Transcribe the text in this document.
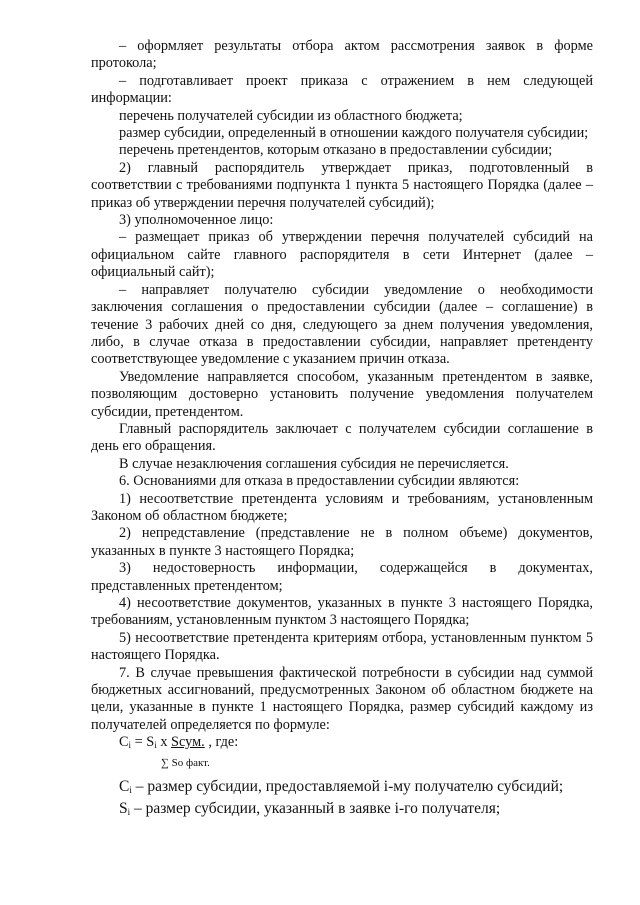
– оформляет результаты отбора актом рассмотрения заявок в форме протокола;

– подготавливает проект приказа с отражением в нем следующей информации:

перечень получателей субсидии из областного бюджета;

размер субсидии, определенный в отношении каждого получателя субсидии;

перечень претендентов, которым отказано в предоставлении субсидии;

2) главный распорядитель утверждает приказ, подготовленный в соответствии с требованиями подпункта 1 пункта 5 настоящего Порядка (далее – приказ об утверждении перечня получателей субсидий);

3) уполномоченное лицо:

– размещает приказ об утверждении перечня получателей субсидий на официальном сайте главного распорядителя в сети Интернет (далее – официальный сайт);

– направляет получателю субсидии уведомление о необходимости заключения соглашения о предоставлении субсидии (далее – соглашение) в течение 3 рабочих дней со дня, следующего за днем получения уведомления, либо, в случае отказа в предоставлении субсидии, направляет претенденту соответствующее уведомление с указанием причин отказа.

Уведомление направляется способом, указанным претендентом в заявке, позволяющим достоверно установить получение уведомления получателем субсидии, претендентом.

Главный распорядитель заключает с получателем субсидии соглашение в день его обращения.

В случае незаключения соглашения субсидия не перечисляется.

6. Основаниями для отказа в предоставлении субсидии являются:

1) несоответствие претендента условиям и требованиям, установленным Законом об областном бюджете;

2) непредставление (представление не в полном объеме) документов, указанных в пункте 3 настоящего Порядка;

3) недостоверность информации, содержащейся в документах, представленных претендентом;

4) несоответствие документов, указанных в пункте 3 настоящего Порядка, требованиям, установленным пунктом 3 настоящего Порядка;

5) несоответствие претендента критериям отбора, установленным пунктом 5 настоящего Порядка.

7. В случае превышения фактической потребности в субсидии над суммой бюджетных ассигнований, предусмотренных Законом об областном бюджете на цели, указанные в пункте 1 настоящего Порядка, размер субсидий каждому из получателей определяется по формуле:

$C_i = S_i$ x Sсум. , где:
∑ Sо факт.

$C_i$ – размер субсидии, предоставляемой i-му получателю субсидий;

$S_i$ – размер субсидии, указанный в заявке i-го получателя;
